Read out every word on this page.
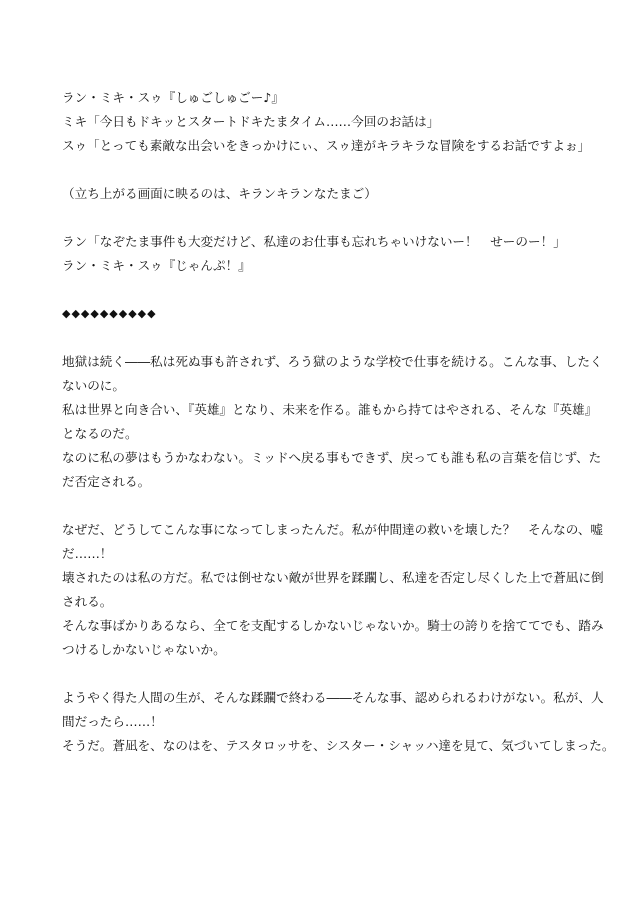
ラン・ミキ・スゥ『しゅごしゅごー♪』
ミキ「今日もドキッとスタートドキたまタイム……今回のお話は」
スゥ「とっても素敵な出会いをきっかけにぃ、スゥ達がキラキラな冒険をするお話ですよぉ」
（立ち上がる画面に映るのは、キランキランなたまご）
ラン「なぞたま事件も大変だけど、私達のお仕事も忘れちゃいけないー！　せーのー！」
ラン・ミキ・スゥ『じゃんぷ！』
◆◆◆◆◆◆◆◆◆◆
地獄は続く――私は死ぬ事も許されず、ろう獄のような学校で仕事を続ける。こんな事、したく
ないのに。
私は世界と向き合い、『英雄』となり、未来を作る。誰もから持てはやされる、そんな『英雄』
となるのだ。
なのに私の夢はもうかなわない。ミッドへ戻る事もできず、戻っても誰も私の言葉を信じず、た
だ否定される。
なぜだ、どうしてこんな事になってしまったんだ。私が仲間達の救いを壊した？　そんなの、嘘
だ……！
壊されたのは私の方だ。私では倒せない敵が世界を蹂躙し、私達を否定し尽くした上で蒼凪に倒
される。
そんな事ばかりあるなら、全てを支配するしかないじゃないか。騎士の誇りを捨ててでも、踏み
つけるしかないじゃないか。
ようやく得た人間の生が、そんな蹂躙で終わる――そんな事、認められるわけがない。私が、人
間だったら……！
そうだ。蒼凪を、なのはを、テスタロッサを、シスター・シャッハ達を見て、気づいてしまった。
